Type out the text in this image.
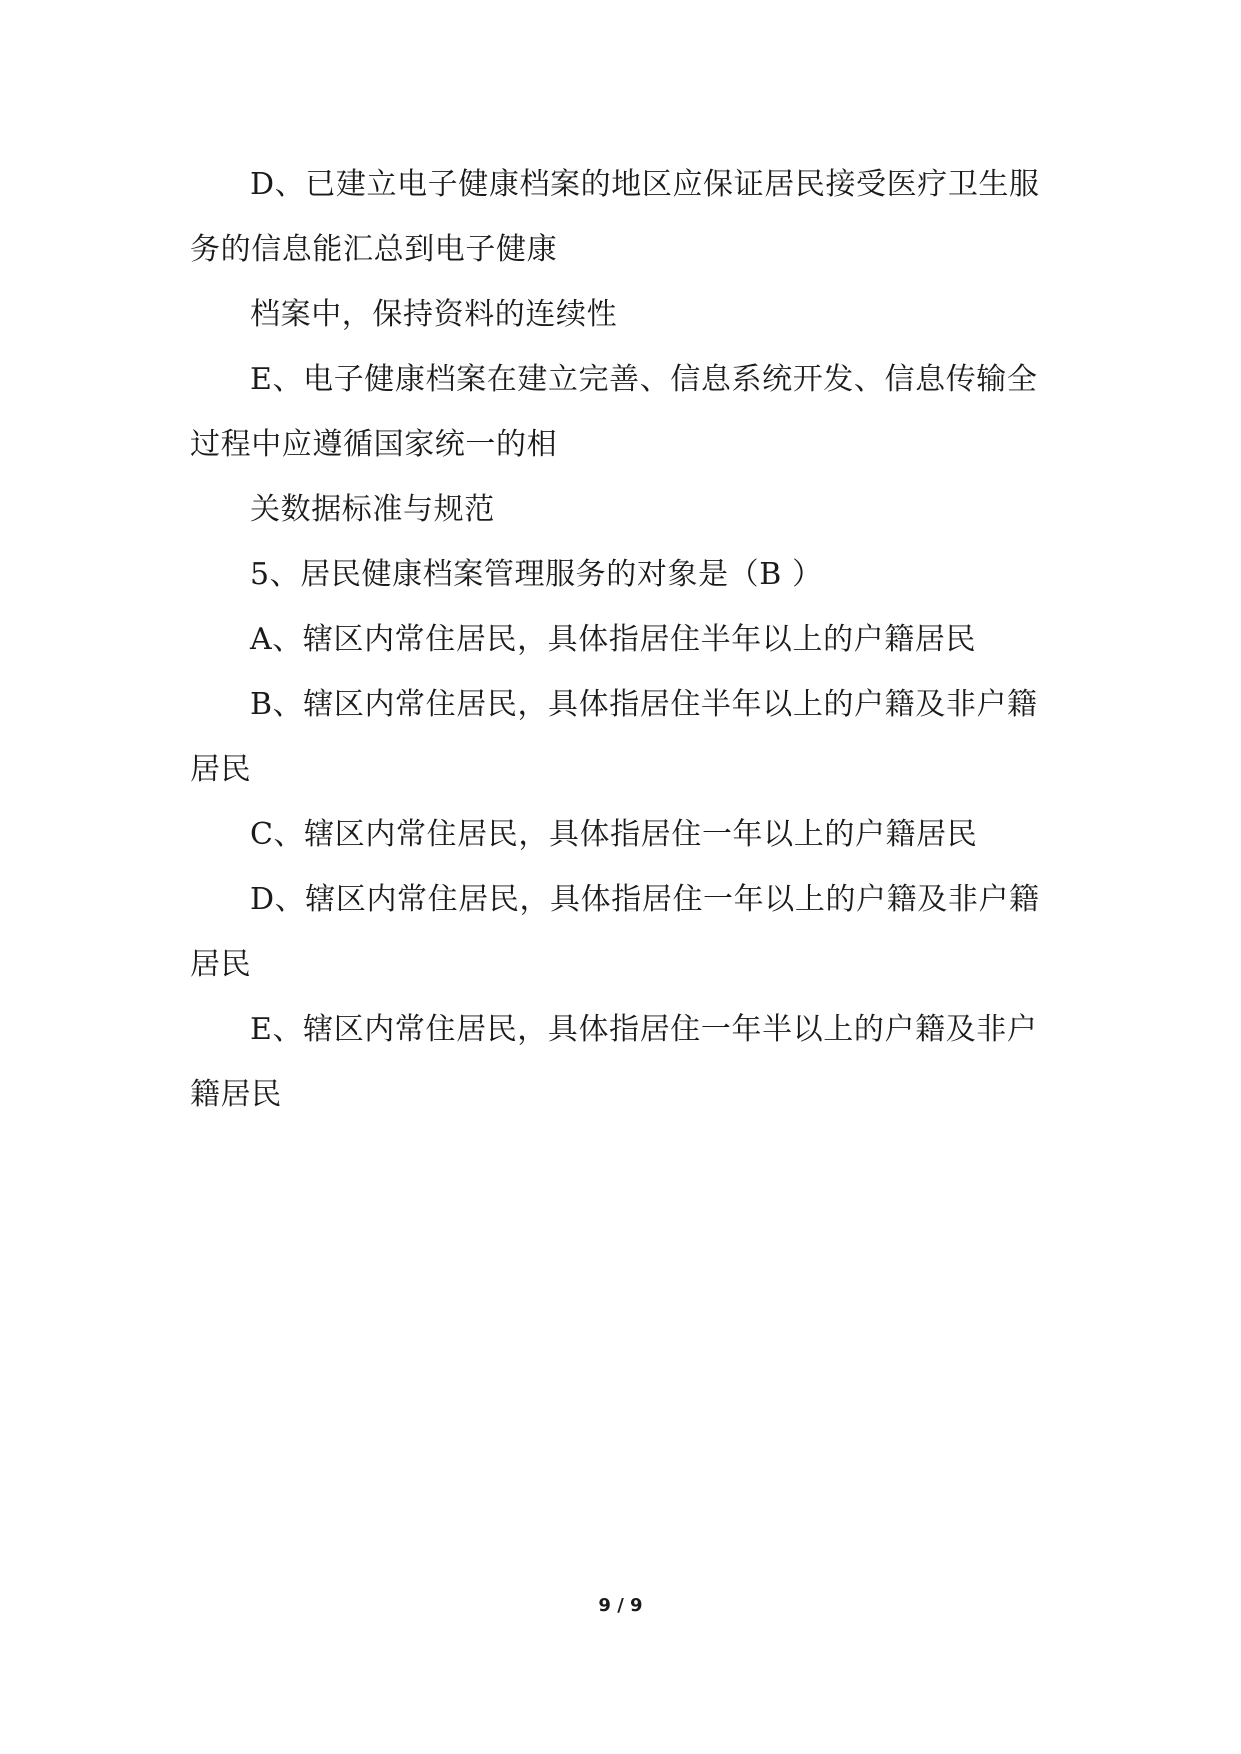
D、已建立电子健康档案的地区应保证居民接受医疗卫生服
务的信息能汇总到电子健康
档案中，保持资料的连续性
E、电子健康档案在建立完善、信息系统开发、信息传输全
过程中应遵循国家统一的相
关数据标准与规范
5、居民健康档案管理服务的对象是（B ）
A、辖区内常住居民，具体指居住半年以上的户籍居民
B、辖区内常住居民，具体指居住半年以上的户籍及非户籍
居民
C、辖区内常住居民，具体指居住一年以上的户籍居民
D、辖区内常住居民，具体指居住一年以上的户籍及非户籍
居民
E、辖区内常住居民，具体指居住一年半以上的户籍及非户
籍居民
9 / 9
